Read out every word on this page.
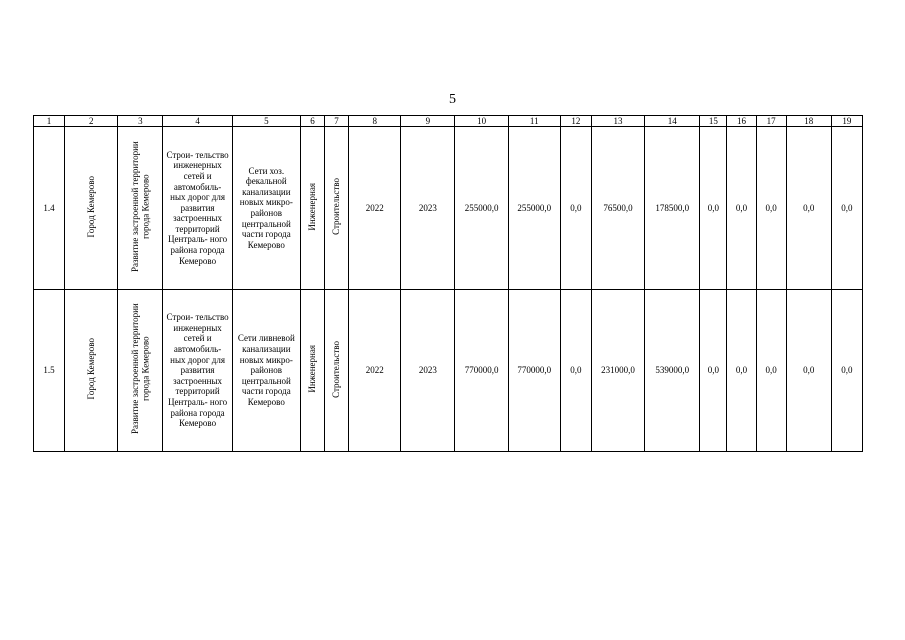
5
1	2	3	4	5	6	7	8	9	10	11	12	13	14	15	16	17	18	19
1.4	Город Кемерово	Развитие застроенной территории города Кемерово	Строи- тельство инженерных сетей и автомобиль- ных дорог для развития застроенных территорий Централь- ного района города Кемерово	Сети хоз. фекальной канализации новых микро- районов центральной части города Кемерово	Инженерная	Строительство	2022	2023	255000,0	255000,0	0,0	76500,0	178500,0	0,0	0,0	0,0	0,0	0,0
1.5	Город Кемерово	Развитие застроенной территории города Кемерово	Строи- тельство инженерных сетей и автомобиль- ных дорог для развития застроенных территорий Централь- ного района города Кемерово	Сети ливневой канализации новых микро- районов центральной части города Кемерово	Инженерная	Строительство	2022	2023	770000,0	770000,0	0,0	231000,0	539000,0	0,0	0,0	0,0	0,0	0,0
